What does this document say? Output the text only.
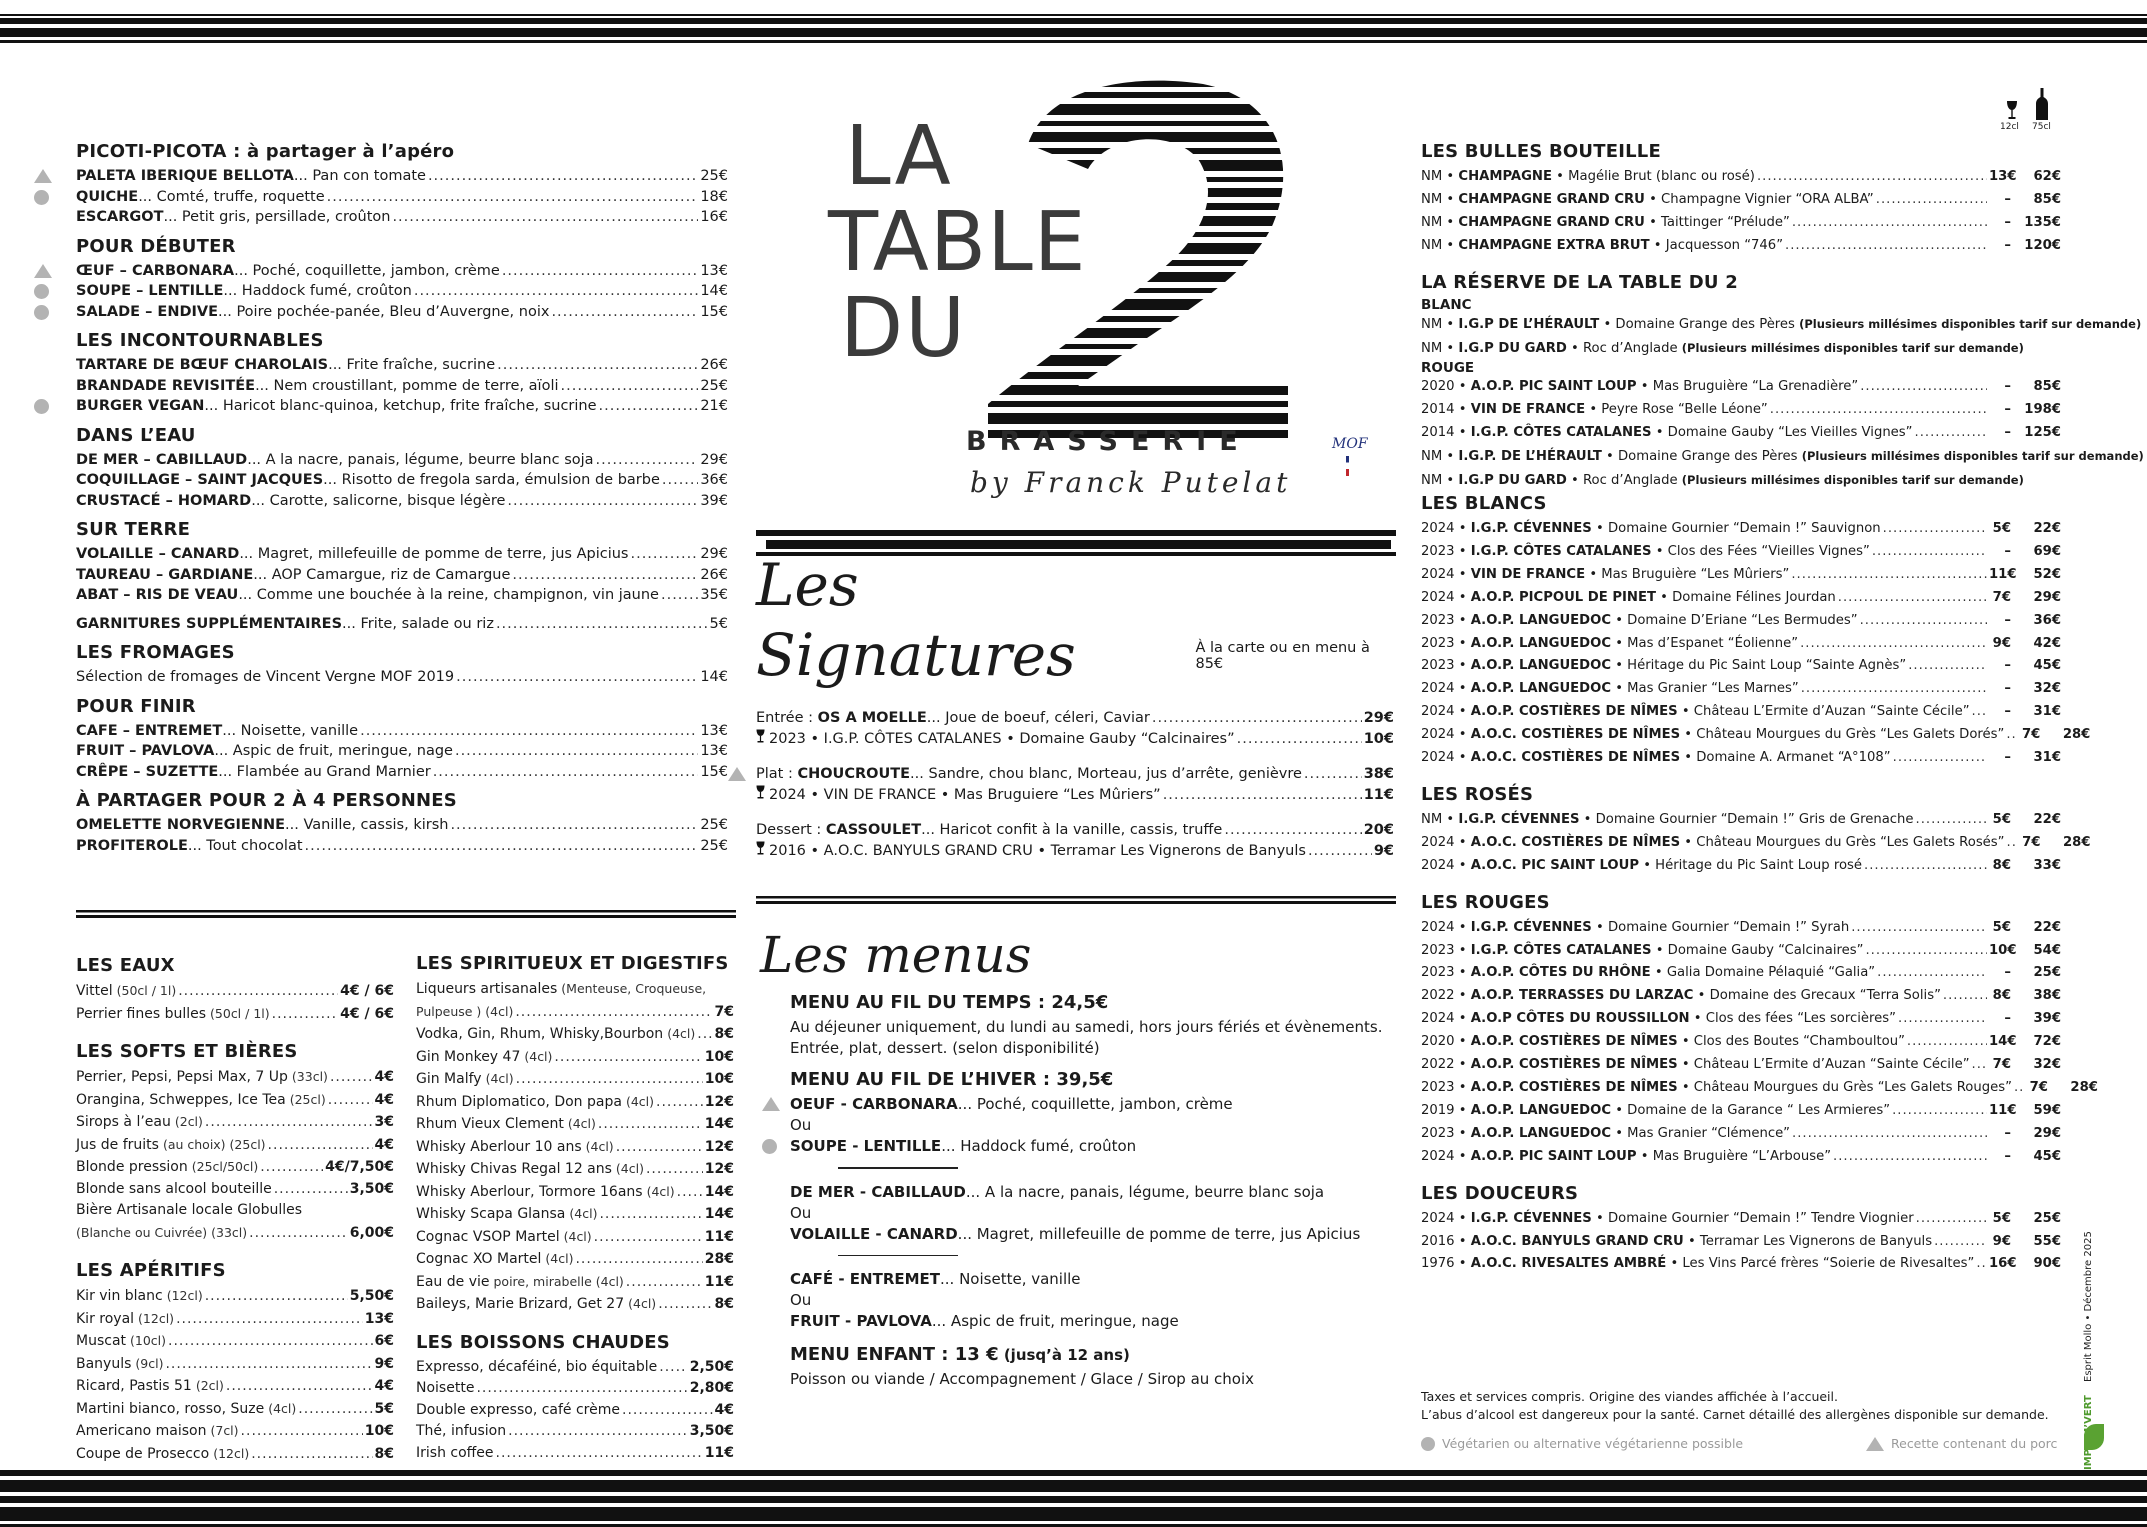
PICOTI-PICOTA : à partager à l’apéro
PALETA IBERIQUE BELLOTA... Pan con tomate .....	25€
QUICHE... Comté, truffe, roquette .....	18€
ESCARGOT... Petit gris, persillade, croûton .....	16€
POUR DÉBUTER
ŒUF – CARBONARA... Poché, coquillette, jambon, crème .....	13€
SOUPE – LENTILLE... Haddock fumé, croûton .....	14€
SALADE – ENDIVE... Poire pochée-panée, Bleu d’Auvergne, noix .....	15€
LES INCONTOURNABLES
TARTARE DE BŒUF CHAROLAIS... Frite fraîche, sucrine .....	26€
BRANDADE REVISITÉE... Nem croustillant, pomme de terre, aïoli .....	25€
BURGER VEGAN... Haricot blanc-quinoa, ketchup, frite fraîche, sucrine .....	21€
DANS L’EAU
DE MER – CABILLAUD... A la nacre, panais, légume, beurre blanc soja .....	29€
COQUILLAGE – SAINT JACQUES... Risotto de fregola sarda, émulsion de barbe .....	36€
CRUSTACÉ – HOMARD... Carotte, salicorne, bisque légère .....	39€
SUR TERRE
VOLAILLE – CANARD... Magret, millefeuille de pomme de terre, jus Apicius .....	29€
TAUREAU – GARDIANE... AOP Camargue, riz de Camargue .....	26€
ABAT – RIS DE VEAU... Comme une bouchée à la reine, champignon, vin jaune .....	35€
GARNITURES SUPPLÉMENTAIRES... Frite, salade ou riz .....	5€
LES FROMAGES
Sélection de fromages de Vincent Vergne MOF 2019 .....	14€
POUR FINIR
CAFE – ENTREMET... Noisette, vanille .....	13€
FRUIT – PAVLOVA... Aspic de fruit, meringue, nage .....	13€
CRÊPE – SUZETTE... Flambée au Grand Marnier .....	15€
À PARTAGER POUR 2 À 4 PERSONNES
OMELETTE NORVEGIENNE... Vanille, cassis, kirsh .....	25€
PROFITEROLE... Tout chocolat .....	25€
LES EAUX
Vittel (50cl / 1l) .....	4€ / 6€
Perrier fines bulles (50cl / 1l) .....	4€ / 6€
LES SOFTS ET BIÈRES
Perrier, Pepsi, Pepsi Max, 7 Up (33cl) .....	4€
Orangina, Schweppes, Ice Tea (25cl) .....	4€
Sirops à l’eau (2cl) .....	3€
Jus de fruits (au choix) (25cl) .....	4€
Blonde pression (25cl/50cl) .....	4€/7,50€
Blonde sans alcool bouteille .....	3,50€
Bière Artisanale locale Globulles
(Blanche ou Cuivrée) (33cl) .....	6,00€
LES APÉRITIFS
Kir vin blanc (12cl) .....	5,50€
Kir royal (12cl) .....	13€
Muscat (10cl) .....	6€
Banyuls (9cl) .....	9€
Ricard, Pastis 51 (2cl) .....	4€
Martini bianco, rosso, Suze (4cl) .....	5€
Americano maison (7cl) .....	10€
Coupe de Prosecco (12cl) .....	8€
LES SPIRITUEUX ET DIGESTIFS
Liqueurs artisanales (Menteuse, Croqueuse,
Pulpeuse ) (4cl) .....	7€
Vodka, Gin, Rhum, Whisky,Bourbon (4cl) ..... 8€
Gin Monkey 47 (4cl) .....	10€
Gin Malfy (4cl) .....	10€
Rhum Diplomatico, Don papa (4cl) .....	12€
Rhum Vieux Clement (4cl) .....	14€
Whisky Aberlour 10 ans (4cl) .....	12€
Whisky Chivas Regal 12 ans (4cl) .....	12€
Whisky Aberlour, Tormore 16ans (4cl) ..... 14€
Whisky Scapa Glansa (4cl) .....	14€
Cognac VSOP Martel (4cl) .....	11€
Cognac XO Martel (4cl) .....	28€
Eau de vie poire, mirabelle (4cl) .....	11€
Baileys, Marie Brizard, Get 27 (4cl) .....	8€
LES BOISSONS CHAUDES
Expresso, décaféiné, bio équitable ..... 2,50€
Noisette .....	2,80€
Double expresso, café crème .....	4€
Thé, infusion .....	3,50€
Irish coffee .....	11€
LA
TABLE
DU
BRASSERIE
by Franck Putelat
MOF
Les Signatures	À la carte ou en menu à 85€
Entrée : OS A MOELLE... Joue de boeuf, céleri, Caviar .....	29€
2023 • I.G.P. CÔTES CATALANES • Domaine Gauby “Calcinaires” .....	10€
Plat : CHOUCROUTE... Sandre, chou blanc, Morteau, jus d’arrête, genièvre .....	38€
2024 • VIN DE FRANCE • Mas Bruguiere “Les Mûriers” .....	11€
Dessert : CASSOULET... Haricot confit à la vanille, cassis, truffe .....	20€
2016 • A.O.C. BANYULS GRAND CRU • Terramar Les Vignerons de Banyuls .....	9€
Les menus
MENU AU FIL DU TEMPS : 24,5€
Au déjeuner uniquement, du lundi au samedi, hors jours fériés et évènements.
Entrée, plat, dessert. (selon disponibilité)
MENU AU FIL DE L’HIVER : 39,5€
OEUF - CARBONARA... Poché, coquillette, jambon, crème
Ou
SOUPE - LENTILLE... Haddock fumé, croûton
DE MER - CABILLAUD... A la nacre, panais, légume, beurre blanc soja
Ou
VOLAILLE - CANARD... Magret, millefeuille de pomme de terre, jus Apicius
CAFÉ - ENTREMET... Noisette, vanille
Ou
FRUIT - PAVLOVA... Aspic de fruit, meringue, nage
MENU ENFANT : 13 € (jusq’à 12 ans)
Poisson ou viande / Accompagnement / Glace / Sirop au choix
12cl 75cl
LES BULLES BOUTEILLE
NM • CHAMPAGNE • Magélie Brut (blanc ou rosé) .....	13€	62€
NM • CHAMPAGNE GRAND CRU • Champagne Vignier “ORA ALBA” .....	–	85€
NM • CHAMPAGNE GRAND CRU • Taittinger “Prélude” .....	–	135€
NM • CHAMPAGNE EXTRA BRUT • Jacquesson “746” .....	–	120€
LA RÉSERVE DE LA TABLE DU 2
BLANC
NM • I.G.P DE L’HÉRAULT • Domaine Grange des Pères (Plusieurs millésimes disponibles tarif sur demande)
NM • I.G.P DU GARD • Roc d’Anglade (Plusieurs millésimes disponibles tarif sur demande)
ROUGE
2020 • A.O.P. PIC SAINT LOUP • Mas Bruguière “La Grenadière” .....	–	85€
2014 • VIN DE FRANCE • Peyre Rose “Belle Léone” .....	–	198€
2014 • I.G.P. CÔTES CATALANES • Domaine Gauby “Les Vieilles Vignes” .....	–	125€
NM • I.G.P. DE L’HÉRAULT • Domaine Grange des Pères (Plusieurs millésimes disponibles tarif sur demande)
NM • I.G.P DU GARD • Roc d’Anglade (Plusieurs millésimes disponibles tarif sur demande)
LES BLANCS
2024 • I.G.P. CÉVENNES • Domaine Gournier “Demain !” Sauvignon .....	5€	22€
2023 • I.G.P. CÔTES CATALANES • Clos des Fées “Vieilles Vignes” .....	–	69€
2024 • VIN DE FRANCE • Mas Bruguière “Les Mûriers” .....	11€	52€
2024 • A.O.P. PICPOUL DE PINET • Domaine Félines Jourdan .....	7€	29€
2023 • A.O.P. LANGUEDOC • Domaine D’Eriane “Les Bermudes” .....	–	36€
2023 • A.O.P. LANGUEDOC • Mas d’Espanet “Éolienne” .....	9€	42€
2023 • A.O.P. LANGUEDOC • Héritage du Pic Saint Loup “Sainte Agnès” .....	–	45€
2024 • A.O.P. LANGUEDOC • Mas Granier “Les Marnes” .....	–	32€
2024 • A.O.P. COSTIÈRES DE NÎMES • Château L’Ermite d’Auzan “Sainte Cécile” .....	–	31€
2024 • A.O.C. COSTIÈRES DE NÎMES • Château Mourgues du Grès “Les Galets Dorés” ..... 7€	28€
2024 • A.O.C. COSTIÈRES DE NÎMES • Domaine A. Armanet “A°108” .....	–	31€
LES ROSÉS
NM • I.G.P. CÉVENNES • Domaine Gournier “Demain !” Gris de Grenache .....	5€	22€
2024 • A.O.C. COSTIÈRES DE NÎMES • Château Mourgues du Grès “Les Galets Rosés” ..... 7€	28€
2024 • A.O.C. PIC SAINT LOUP • Héritage du Pic Saint Loup rosé .....	8€	33€
LES ROUGES
2024 • I.G.P. CÉVENNES • Domaine Gournier “Demain !” Syrah .....	5€	22€
2023 • I.G.P. CÔTES CATALANES • Domaine Gauby “Calcinaires” .....	10€	54€
2023 • A.O.P. CÔTES DU RHÔNE • Galia Domaine Pélaquié “Galia” .....	–	25€
2022 • A.O.P. TERRASSES DU LARZAC • Domaine des Grecaux “Terra Solis” .....	8€	38€
2024 • A.O.P CÔTES DU ROUSSILLON • Clos des fées “Les sorcières” .....	–	39€
2020 • A.O.P. COSTIÈRES DE NÎMES • Clos des Boutes “Chamboultou” .....	14€	72€
2022 • A.O.P. COSTIÈRES DE NÎMES • Château L’Ermite d’Auzan “Sainte Cécile” ..... 7€	32€
2023 • A.O.P. COSTIÈRES DE NÎMES • Château Mourgues du Grès “Les Galets Rouges” ..... 7€	28€
2019 • A.O.P. LANGUEDOC • Domaine de la Garance “ Les Armieres” .....	11€	59€
2023 • A.O.P. LANGUEDOC • Mas Granier “Clémence” .....	–	29€
2024 • A.O.P. PIC SAINT LOUP • Mas Bruguière “L’Arbouse” .....	–	45€
LES DOUCEURS
2024 • I.G.P. CÉVENNES • Domaine Gournier “Demain !” Tendre Viognier .....	5€	25€
2016 • A.O.C. BANYULS GRAND CRU • Terramar Les Vignerons de Banyuls .....	9€	55€
1976 • A.O.C. RIVESALTES AMBRÉ • Les Vins Parcé frères “Soierie de Rivesaltes” ..... 16€	90€
Taxes et services compris. Origine des viandes affichée à l’accueil.
L’abus d’alcool est dangereux pour la santé. Carnet détaillé des allergènes disponible sur demande.
Végétarien ou alternative végétarienne possible	Recette contenant du porc
Esprit Mollo • Décembre 2025
